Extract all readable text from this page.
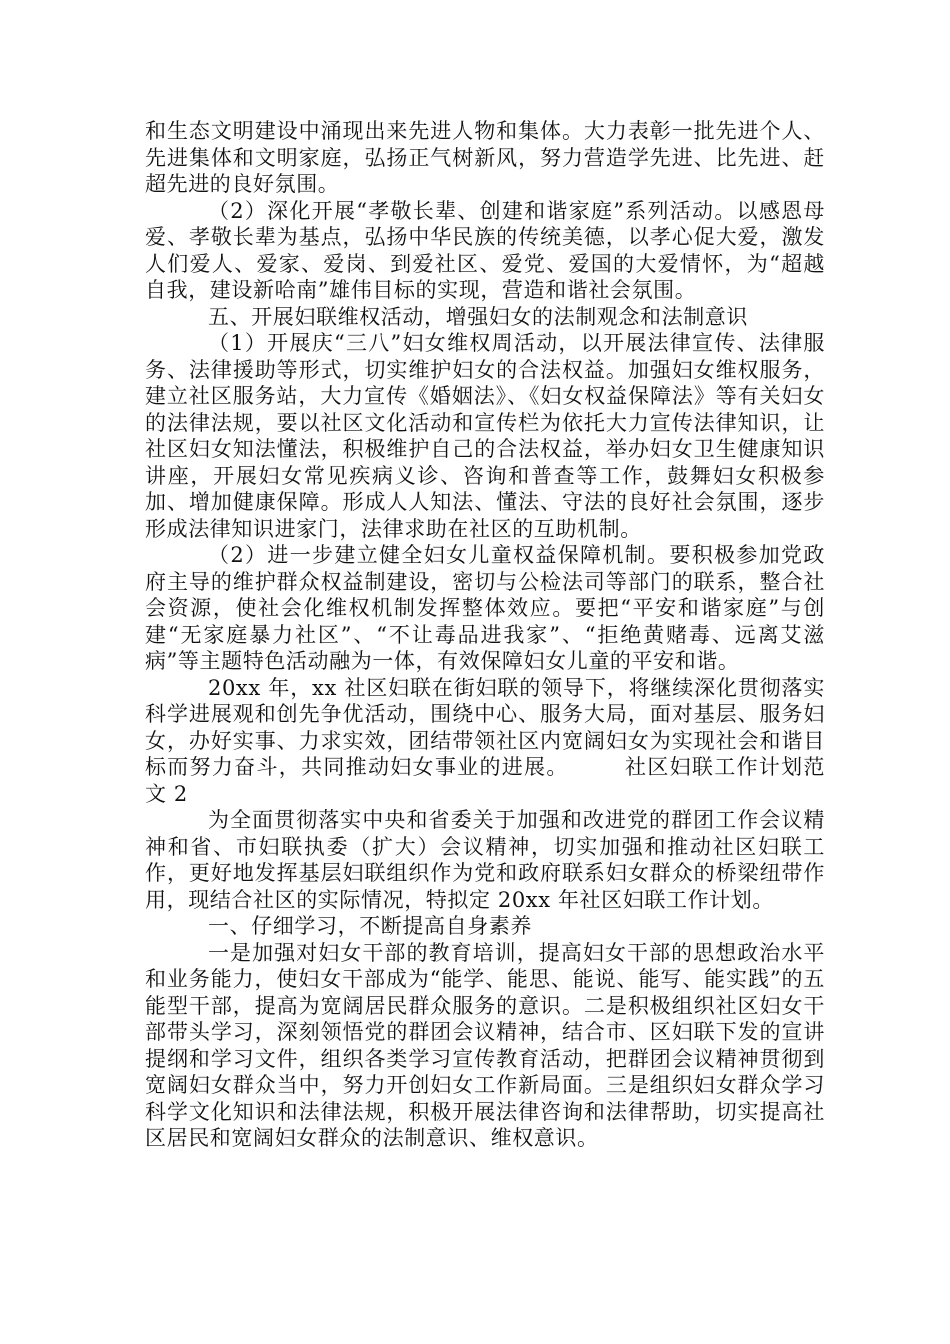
和生态文明建设中涌现出来先进人物和集体。大力表彰一批先进个人、先进集体和文明家庭，弘扬正气树新风，努力营造学先进、比先进、赶超先进的良好氛围。

（2）深化开展“孝敬长辈、创建和谐家庭”系列活动。以感恩母爱、孝敬长辈为基点，弘扬中华民族的传统美德，以孝心促大爱，激发人们爱人、爱家、爱岗、到爱社区、爱党、爱国的大爱情怀，为“超越自我，建设新哈南”雄伟目标的实现，营造和谐社会氛围。

五、开展妇联维权活动，增强妇女的法制观念和法制意识

（1）开展庆“三八”妇女维权周活动，以开展法律宣传、法律服务、法律援助等形式，切实维护妇女的合法权益。加强妇女维权服务，建立社区服务站，大力宣传《婚姻法》、《妇女权益保障法》等有关妇女的法律法规，要以社区文化活动和宣传栏为依托大力宣传法律知识，让社区妇女知法懂法，积极维护自己的合法权益，举办妇女卫生健康知识讲座，开展妇女常见疾病义诊、咨询和普查等工作，鼓舞妇女积极参加、增加健康保障。形成人人知法、懂法、守法的良好社会氛围，逐步形成法律知识进家门，法律求助在社区的互助机制。

（2）进一步建立健全妇女儿童权益保障机制。要积极参加党政府主导的维护群众权益制建设，密切与公检法司等部门的联系，整合社会资源，使社会化维权机制发挥整体效应。要把“平安和谐家庭”与创建“无家庭暴力社区”、“不让毒品进我家”、“拒绝黄赌毒、远离艾滋病”等主题特色活动融为一体，有效保障妇女儿童的平安和谐。

20xx 年，xx 社区妇联在街妇联的领导下，将继续深化贯彻落实科学进展观和创先争优活动，围绕中心、服务大局，面对基层、服务妇女，办好实事、力求实效，团结带领社区内宽阔妇女为实现社会和谐目标而努力奋斗，共同推动妇女事业的进展。　　　社区妇联工作计划范文 2

为全面贯彻落实中央和省委关于加强和改进党的群团工作会议精神和省、市妇联执委（扩大）会议精神，切实加强和推动社区妇联工作，更好地发挥基层妇联组织作为党和政府联系妇女群众的桥梁纽带作用，现结合社区的实际情况，特拟定 20xx 年社区妇联工作计划。

一、仔细学习，不断提高自身素养

一是加强对妇女干部的教育培训，提高妇女干部的思想政治水平和业务能力，使妇女干部成为“能学、能思、能说、能写、能实践”的五能型干部，提高为宽阔居民群众服务的意识。二是积极组织社区妇女干部带头学习，深刻领悟党的群团会议精神，结合市、区妇联下发的宣讲提纲和学习文件，组织各类学习宣传教育活动，把群团会议精神贯彻到宽阔妇女群众当中，努力开创妇女工作新局面。三是组织妇女群众学习科学文化知识和法律法规，积极开展法律咨询和法律帮助，切实提高社区居民和宽阔妇女群众的法制意识、维权意识。
